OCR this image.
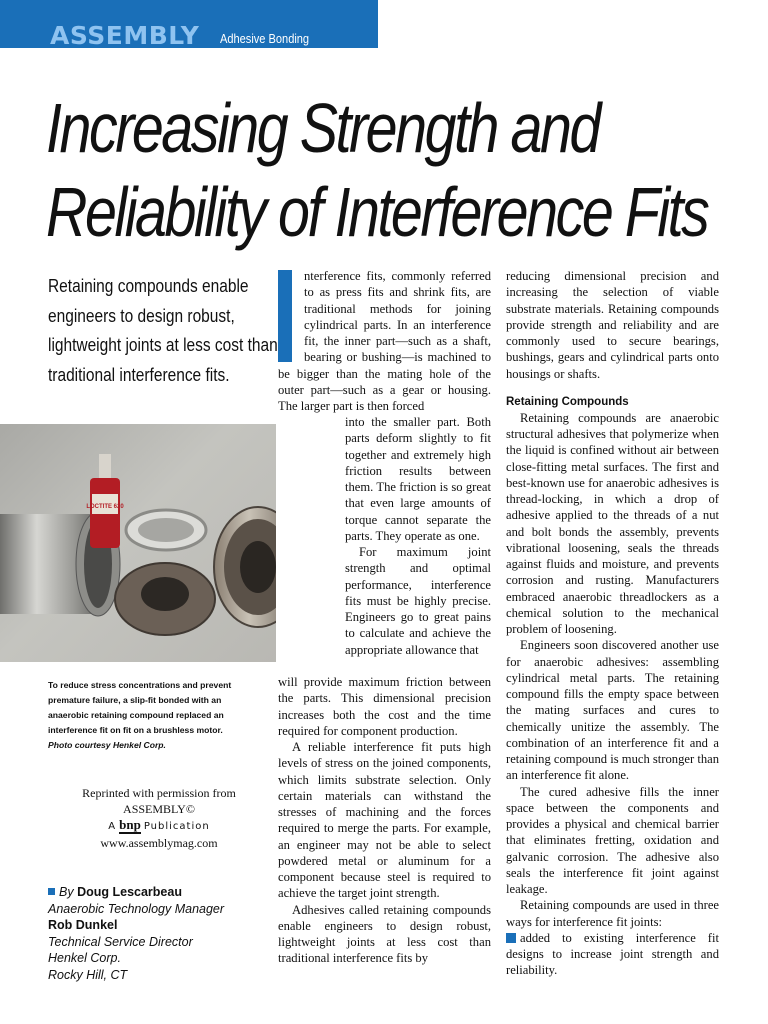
ASSEMBLY Adhesive Bonding
Increasing Strength and
Reliability of Interference Fits
Retaining compounds enable engineers to design robust, lightweight joints at less cost than traditional interference fits.
LOCTITE 620
To reduce stress concentrations and prevent premature failure, a slip-fit bonded with an anaerobic retaining compound replaced an interference fit on fit on a brushless motor.
Photo courtesy Henkel Corp.
Reprinted with permission from
ASSEMBLY©
A bnp Publication
www.assemblymag.com
By Doug Lescarbeau
Anaerobic Technology Manager
Rob Dunkel
Technical Service Director
Henkel Corp.
Rocky Hill, CT

nterference fits, commonly referred to as press fits and shrink fits, are traditional methods for joining cylindrical parts. In an interference fit, the inner part—such as a shaft, bearing or bushing—is machined to be bigger than the mating hole of the outer part—such as a gear or housing. The larger part is then forced

into the smaller part. Both parts deform slightly to fit together and extremely high friction results between them. The friction is so great that even large amounts of torque cannot separate the parts. They operate as one.

For maximum joint strength and optimal performance, interference fits must be highly precise. Engineers go to great pains to calculate and achieve the appropriate allowance that

will provide maximum friction between the parts. This dimensional precision increases both the cost and the time required for component production.

A reliable interference fit puts high levels of stress on the joined components, which limits substrate selection. Only certain materials can withstand the stresses of machining and the forces required to merge the parts. For example, an engineer may not be able to select powdered metal or aluminum for a component because steel is required to achieve the target joint strength.

Adhesives called retaining compounds enable engineers to design robust, lightweight joints at less cost than traditional interference fits by

reducing dimensional precision and increasing the selection of viable substrate materials. Retaining compounds provide strength and reliability and are commonly used to secure bearings, bushings, gears and cylindrical parts onto housings or shafts.

Retaining Compounds

Retaining compounds are anaerobic structural adhesives that polymerize when the liquid is confined without air between close-fitting metal surfaces. The first and best-known use for anaerobic adhesives is thread-locking, in which a drop of adhesive applied to the threads of a nut and bolt bonds the assembly, prevents vibrational loosening, seals the threads against fluids and moisture, and prevents corrosion and rusting. Manufacturers embraced anaerobic threadlockers as a chemical solution to the mechanical problem of loosening.

Engineers soon discovered another use for anaerobic adhesives: assembling cylindrical metal parts. The retaining compound fills the empty space between the mating surfaces and cures to chemically unitize the assembly. The combination of an interference fit and a retaining compound is much stronger than an interference fit alone.

The cured adhesive fills the inner space between the components and provides a physical and chemical barrier that eliminates fretting, oxidation and galvanic corrosion. The adhesive also seals the interference fit joint against leakage.

Retaining compounds are used in three ways for interference fit joints:

added to existing interference fit designs to increase joint strength and reliability.
